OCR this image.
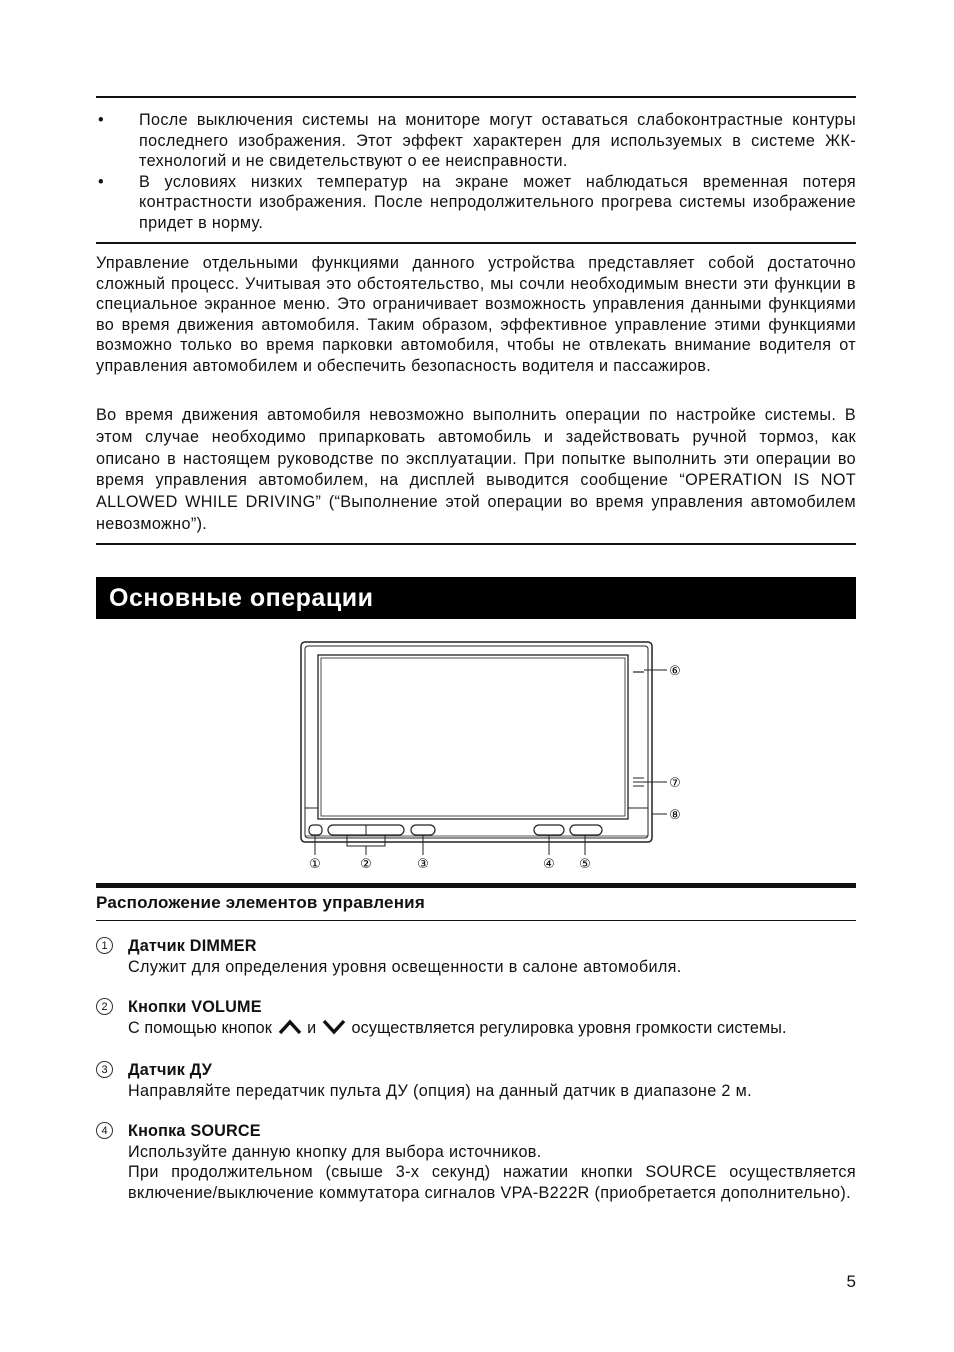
•	После выключения системы на мониторе могут оставаться слабоконтрастные контуры последнего изображения. Этот эффект характерен для используемых в системе ЖК-технологий и не свидетельствуют о ее неисправности.
•	В условиях низких температур на экране может наблюдаться временная потеря контрастности изображения. После непродолжительного прогрева системы изображение придет в норму.

Управление отдельными функциями данного устройства представляет собой достаточно сложный процесс. Учитывая это обстоятельство, мы сочли необходимым внести эти функции в специальное экранное меню. Это ограничивает возможность управления данными функциями во время движения автомобиля. Таким образом, эффективное управление этими функциями возможно только во время парковки автомобиля, чтобы не отвлекать внимание водителя от управления автомобилем и обеспечить безопасность водителя и пассажиров.

Во время движения автомобиля невозможно выполнить операции по настройке системы. В этом случае необходимо припарковать автомобиль и задействовать ручной тормоз, как описано в настоящем руководстве по эксплуатации. При попытке выполнить эти операции во время управления автомобилем, на дисплей выводится сообщение “OPERATION IS NOT ALLOWED WHILE DRIVING” (“Выполнение этой операции во время управления автомобилем невозможно”).

Основные операции
①	②	③	④ ⑤
⑥
⑦
⑧
Расположение элементов управления
1	Датчик DIMMER
Служит для определения уровня освещенности в салоне автомобиля.
2	Кнопки VOLUME
С помощью кнопок и осуществляется регулировка уровня громкости системы.
3	Датчик ДУ
Направляйте передатчик пульта ДУ (опция) на данный датчик в диапазоне 2 м.
4	Кнопка SOURCE
Используйте данную кнопку для выбора источников.
При продолжительном (свыше 3-х секунд) нажатии кнопки SOURCE осуществляется включение/выключение коммутатора сигналов VPA-B222R (приобретается дополнительно).
5
